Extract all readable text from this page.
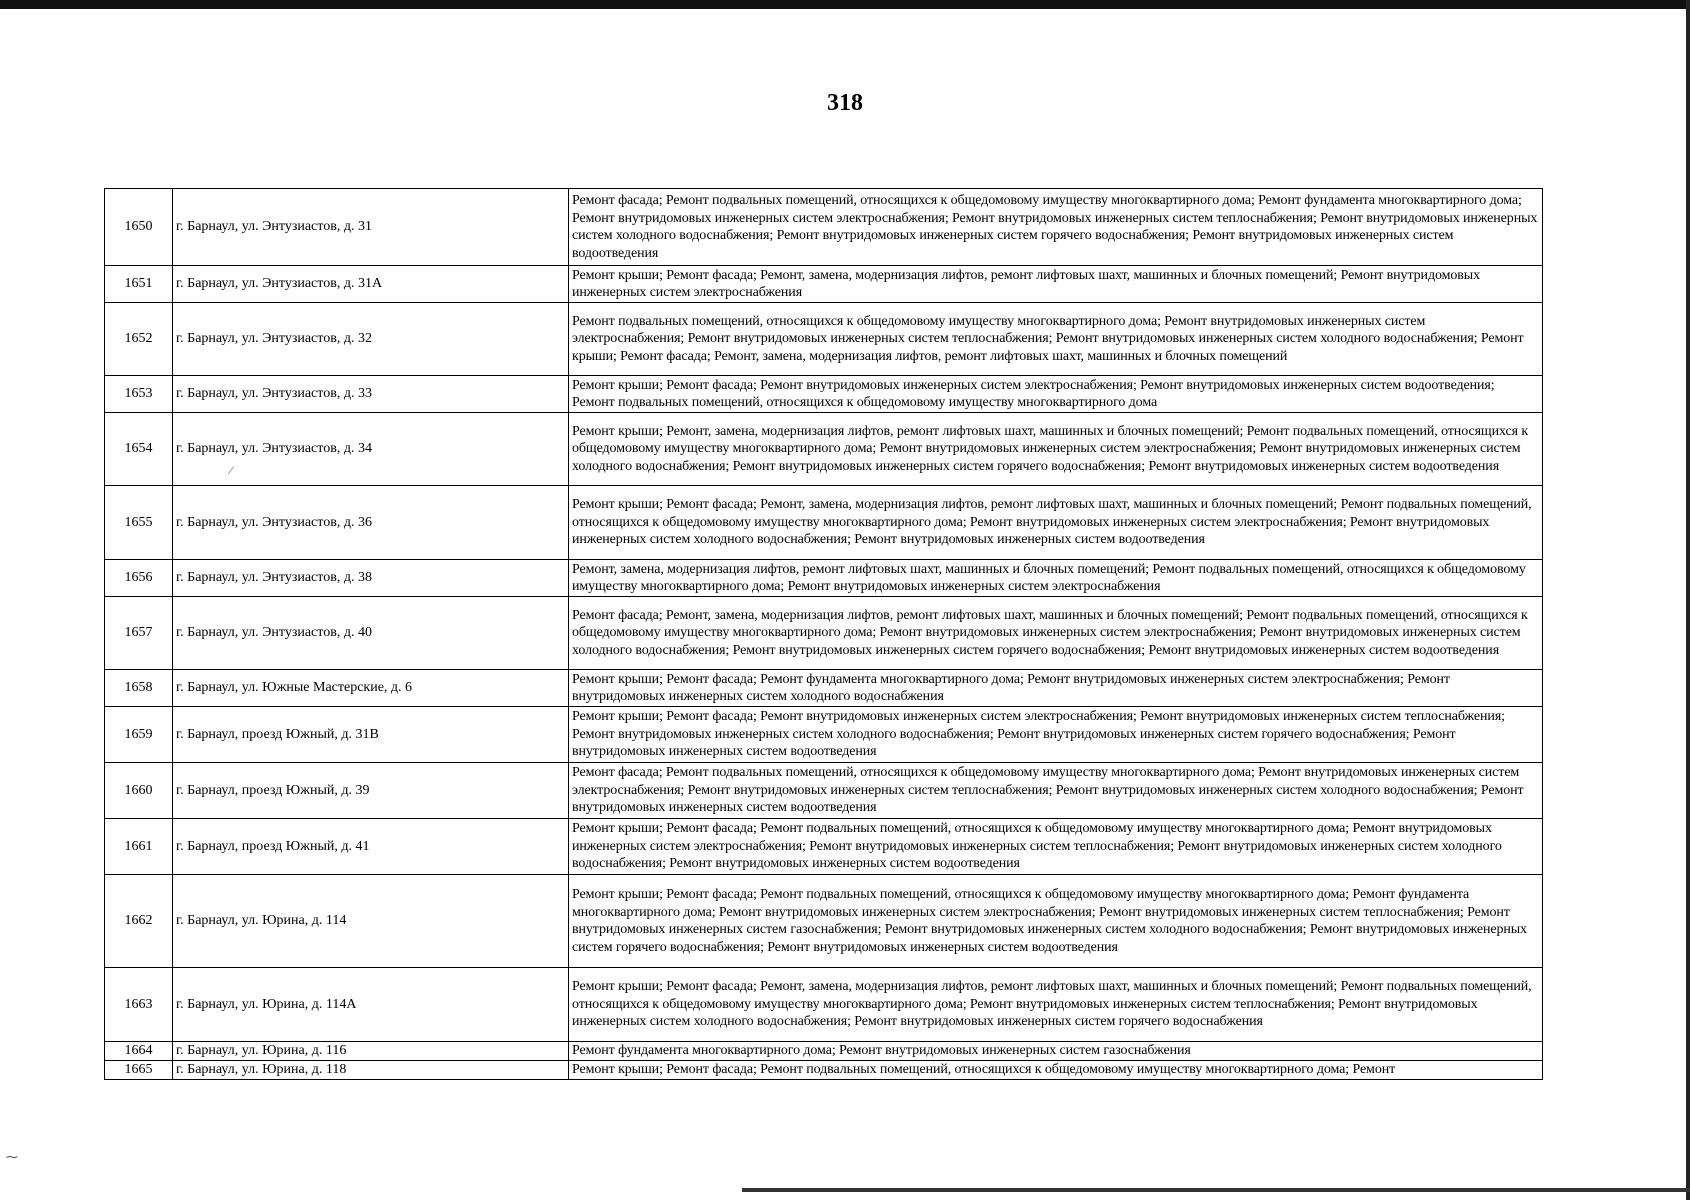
318
1650	г. Барнаул, ул. Энтузиастов, д. 31	Ремонт фасада; Ремонт подвальных помещений, относящихся к общедомовому имуществу многоквартирного дома; Ремонт фундамента многоквартирного дома; Ремонт внутридомовых инженерных систем электроснабжения; Ремонт внутридомовых инженерных систем теплоснабжения; Ремонт внутридомовых инженерных систем холодного водоснабжения; Ремонт внутридомовых инженерных систем горячего водоснабжения; Ремонт внутридомовых инженерных систем водоотведения
1651	г. Барнаул, ул. Энтузиастов, д. 31А	Ремонт крыши; Ремонт фасада; Ремонт, замена, модернизация лифтов, ремонт лифтовых шахт, машинных и блочных помещений; Ремонт внутридомовых инженерных систем электроснабжения
1652	г. Барнаул, ул. Энтузиастов, д. 32	Ремонт подвальных помещений, относящихся к общедомовому имуществу многоквартирного дома; Ремонт внутридомовых инженерных систем электроснабжения; Ремонт внутридомовых инженерных систем теплоснабжения; Ремонт внутридомовых инженерных систем холодного водоснабжения; Ремонт крыши; Ремонт фасада; Ремонт, замена, модернизация лифтов, ремонт лифтовых шахт, машинных и блочных помещений
1653	г. Барнаул, ул. Энтузиастов, д. 33	Ремонт крыши; Ремонт фасада; Ремонт внутридомовых инженерных систем электроснабжения; Ремонт внутридомовых инженерных систем водоотведения; Ремонт подвальных помещений, относящихся к общедомовому имуществу многоквартирного дома
1654	г. Барнаул, ул. Энтузиастов, д. 34	Ремонт крыши; Ремонт, замена, модернизация лифтов, ремонт лифтовых шахт, машинных и блочных помещений; Ремонт подвальных помещений, относящихся к общедомовому имуществу многоквартирного дома; Ремонт внутридомовых инженерных систем электроснабжения; Ремонт внутридомовых инженерных систем холодного водоснабжения; Ремонт внутридомовых инженерных систем горячего водоснабжения; Ремонт внутридомовых инженерных систем водоотведения
1655	г. Барнаул, ул. Энтузиастов, д. 36	Ремонт крыши; Ремонт фасада; Ремонт, замена, модернизация лифтов, ремонт лифтовых шахт, машинных и блочных помещений; Ремонт подвальных помещений, относящихся к общедомовому имуществу многоквартирного дома; Ремонт внутридомовых инженерных систем электроснабжения; Ремонт внутридомовых инженерных систем холодного водоснабжения; Ремонт внутридомовых инженерных систем водоотведения
1656	г. Барнаул, ул. Энтузиастов, д. 38	Ремонт, замена, модернизация лифтов, ремонт лифтовых шахт, машинных и блочных помещений; Ремонт подвальных помещений, относящихся к общедомовому имуществу многоквартирного дома; Ремонт внутридомовых инженерных систем электроснабжения
1657	г. Барнаул, ул. Энтузиастов, д. 40	Ремонт фасада; Ремонт, замена, модернизация лифтов, ремонт лифтовых шахт, машинных и блочных помещений; Ремонт подвальных помещений, относящихся к общедомовому имуществу многоквартирного дома; Ремонт внутридомовых инженерных систем электроснабжения; Ремонт внутридомовых инженерных систем холодного водоснабжения; Ремонт внутридомовых инженерных систем горячего водоснабжения; Ремонт внутридомовых инженерных систем водоотведения
1658	г. Барнаул, ул. Южные Мастерские, д. 6	Ремонт крыши; Ремонт фасада; Ремонт фундамента многоквартирного дома; Ремонт внутридомовых инженерных систем электроснабжения; Ремонт внутридомовых инженерных систем холодного водоснабжения
1659	г. Барнаул, проезд Южный, д. 31В	Ремонт крыши; Ремонт фасада; Ремонт внутридомовых инженерных систем электроснабжения; Ремонт внутридомовых инженерных систем теплоснабжения; Ремонт внутридомовых инженерных систем холодного водоснабжения; Ремонт внутридомовых инженерных систем горячего водоснабжения; Ремонт внутридомовых инженерных систем водоотведения
1660	г. Барнаул, проезд Южный, д. 39	Ремонт фасада; Ремонт подвальных помещений, относящихся к общедомовому имуществу многоквартирного дома; Ремонт внутридомовых инженерных систем электроснабжения; Ремонт внутридомовых инженерных систем теплоснабжения; Ремонт внутридомовых инженерных систем холодного водоснабжения; Ремонт внутридомовых инженерных систем водоотведения
1661	г. Барнаул, проезд Южный, д. 41	Ремонт крыши; Ремонт фасада; Ремонт подвальных помещений, относящихся к общедомовому имуществу многоквартирного дома; Ремонт внутридомовых инженерных систем электроснабжения; Ремонт внутридомовых инженерных систем теплоснабжения; Ремонт внутридомовых инженерных систем холодного водоснабжения; Ремонт внутридомовых инженерных систем водоотведения
1662	г. Барнаул, ул. Юрина, д. 114	Ремонт крыши; Ремонт фасада; Ремонт подвальных помещений, относящихся к общедомовому имуществу многоквартирного дома; Ремонт фундамента многоквартирного дома; Ремонт внутридомовых инженерных систем электроснабжения; Ремонт внутридомовых инженерных систем теплоснабжения; Ремонт внутридомовых инженерных систем газоснабжения; Ремонт внутридомовых инженерных систем холодного водоснабжения; Ремонт внутридомовых инженерных систем горячего водоснабжения; Ремонт внутридомовых инженерных систем водоотведения
1663	г. Барнаул, ул. Юрина, д. 114А	Ремонт крыши; Ремонт фасада; Ремонт, замена, модернизация лифтов, ремонт лифтовых шахт, машинных и блочных помещений; Ремонт подвальных помещений, относящихся к общедомовому имуществу многоквартирного дома; Ремонт внутридомовых инженерных систем теплоснабжения; Ремонт внутридомовых инженерных систем холодного водоснабжения; Ремонт внутридомовых инженерных систем горячего водоснабжения
1664	г. Барнаул, ул. Юрина, д. 116	Ремонт фундамента многоквартирного дома; Ремонт внутридомовых инженерных систем газоснабжения
1665	г. Барнаул, ул. Юрина, д. 118	Ремонт крыши; Ремонт фасада; Ремонт подвальных помещений, относящихся к общедомовому имуществу многоквартирного дома; Ремонт
⁄
⁓
